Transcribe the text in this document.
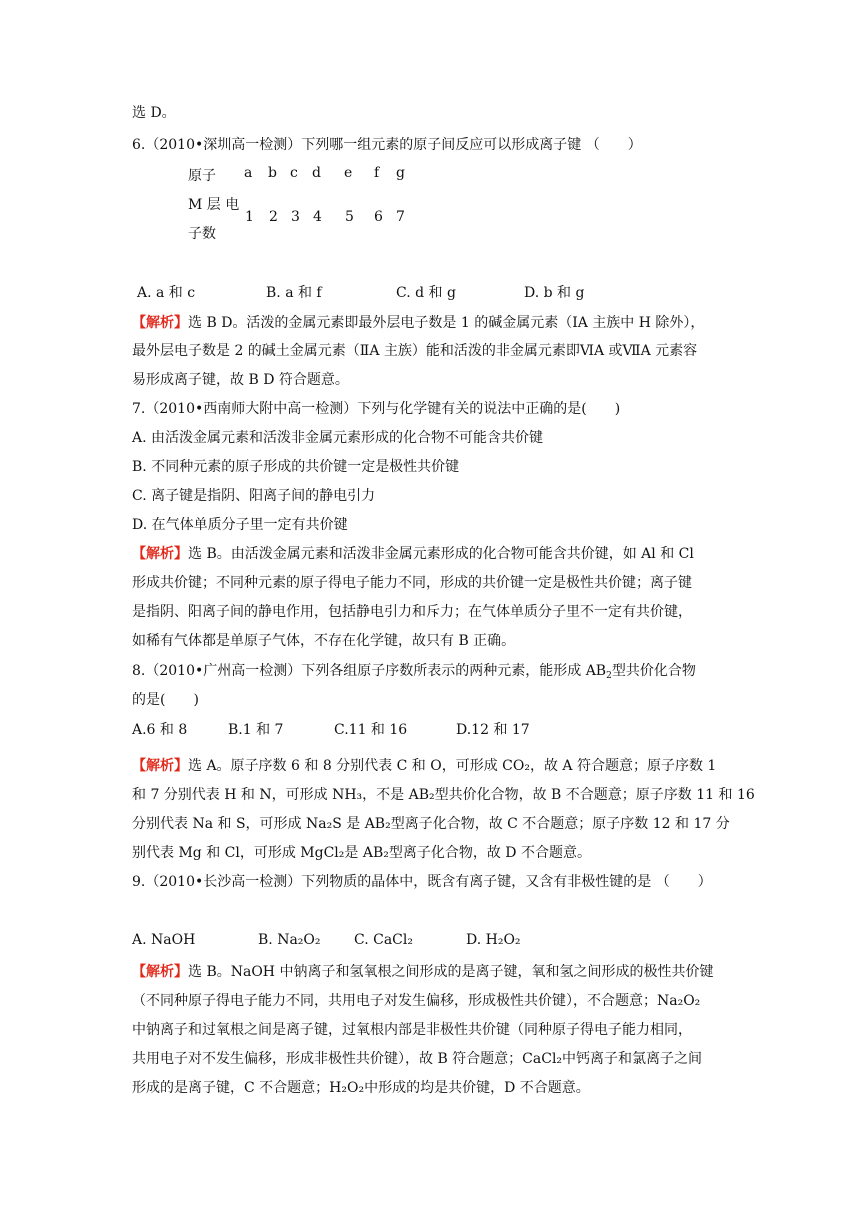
选 D。
6.（2010•深圳高一检测）下列哪一组元素的原子间反应可以形成离子键 （　　）
原子 a b c d e f g
M 层 电
子数
1 2 3 4 5 6 7
A. a 和 c	B. a 和 f	C. d 和 g	D. b 和 g
【解析】选 B D。活泼的金属元素即最外层电子数是 1 的碱金属元素（IA 主族中 H 除外），
最外层电子数是 2 的碱土金属元素（ⅡA 主族）能和活泼的非金属元素即ⅥA 或ⅦA 元素容
易形成离子键，故 B D 符合题意。
7.（2010•西南师大附中高一检测）下列与化学键有关的说法中正确的是(　　)
A. 由活泼金属元素和活泼非金属元素形成的化合物不可能含共价键
B. 不同种元素的原子形成的共价键一定是极性共价键
C. 离子键是指阴、阳离子间的静电引力
D. 在气体单质分子里一定有共价键
【解析】选 B。由活泼金属元素和活泼非金属元素形成的化合物可能含共价键，如 Al 和 Cl
形成共价键；不同种元素的原子得电子能力不同，形成的共价键一定是极性共价键；离子键
是指阴、阳离子间的静电作用，包括静电引力和斥力；在气体单质分子里不一定有共价键，
如稀有气体都是单原子气体，不存在化学键，故只有 B 正确。
8.（2010•广州高一检测）下列各组原子序数所表示的两种元素，能形成 $AB_2$型共价化合物
的是(　　)
A.6 和 8	B.1 和 7	C.11 和 16	D.12 和 17
【解析】选 A。原子序数 6 和 8 分别代表 C 和 O，可形成 CO₂，故 A 符合题意；原子序数 1
和 7 分别代表 H 和 N，可形成 NH₃，不是 AB₂型共价化合物，故 B 不合题意；原子序数 11 和 16
分别代表 Na 和 S，可形成 Na₂S 是 AB₂型离子化合物，故 C 不合题意；原子序数 12 和 17 分
别代表 Mg 和 Cl，可形成 MgCl₂是 AB₂型离子化合物，故 D 不合题意。
9.（2010•长沙高一检测）下列物质的晶体中，既含有离子键，又含有非极性键的是 （　　）
A. NaOH	B. Na₂O₂ C. CaCl₂	D. H₂O₂
【解析】选 B。NaOH 中钠离子和氢氧根之间形成的是离子键，氧和氢之间形成的极性共价键
（不同种原子得电子能力不同，共用电子对发生偏移，形成极性共价键），不合题意；Na₂O₂
中钠离子和过氧根之间是离子键，过氧根内部是非极性共价键（同种原子得电子能力相同，
共用电子对不发生偏移，形成非极性共价键），故 B 符合题意；CaCl₂中钙离子和氯离子之间
形成的是离子键，C 不合题意；H₂O₂中形成的均是共价键，D 不合题意。
